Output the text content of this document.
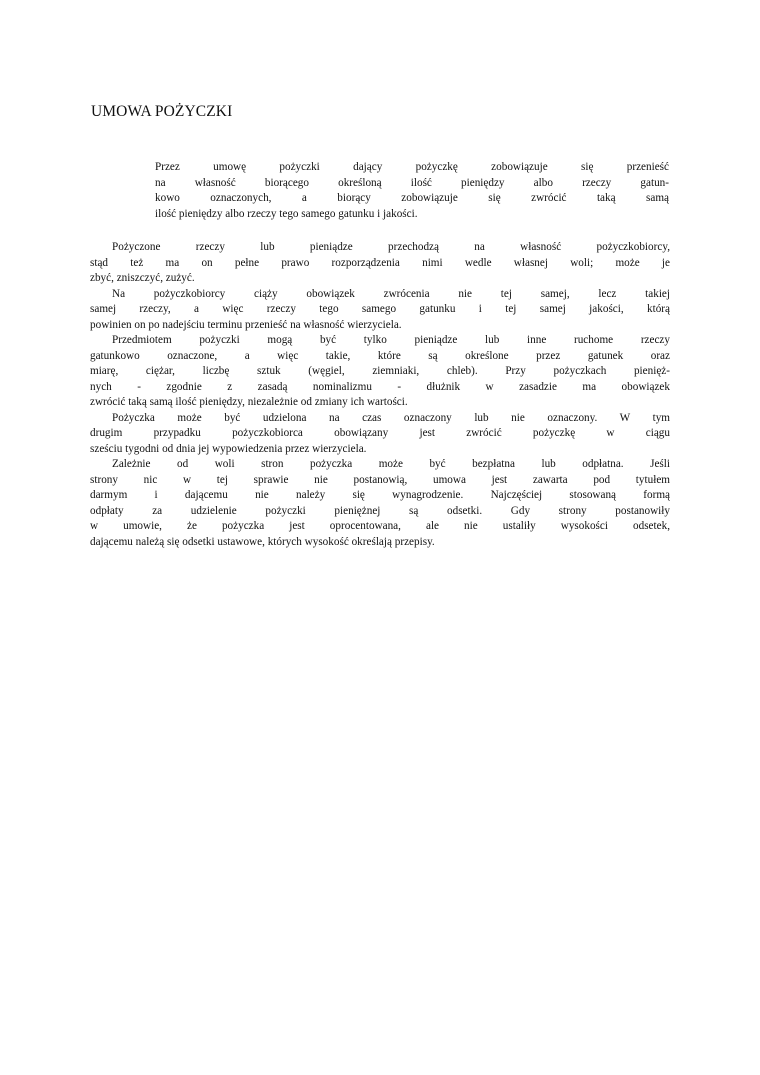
UMOWA POŻYCZKI
Przez umowę pożyczki dający pożyczkę zobowiązuje się przenieść
na własność biorącego określoną ilość pieniędzy albo rzeczy gatun-
kowo oznaczonych, a biorący zobowiązuje się zwrócić taką samą
ilość pieniędzy albo rzeczy tego samego gatunku i jakości.
Pożyczone rzeczy lub pieniądze przechodzą na własność pożyczkobiorcy,
stąd też ma on pełne prawo rozporządzenia nimi wedle własnej woli; może je
zbyć, zniszczyć, zużyć.
Na pożyczkobiorcy ciąży obowiązek zwrócenia nie tej samej, lecz takiej
samej rzeczy, a więc rzeczy tego samego gatunku i tej samej jakości, którą
powinien on po nadejściu terminu przenieść na własność wierzyciela.
Przedmiotem pożyczki mogą być tylko pieniądze lub inne ruchome rzeczy
gatunkowo oznaczone, a więc takie, które są określone przez gatunek oraz
miarę, ciężar, liczbę sztuk (węgiel, ziemniaki, chleb). Przy pożyczkach pienięż-
nych - zgodnie z zasadą nominalizmu - dłużnik w zasadzie ma obowiązek
zwrócić taką samą ilość pieniędzy, niezależnie od zmiany ich wartości.
Pożyczka może być udzielona na czas oznaczony lub nie oznaczony. W tym
drugim przypadku pożyczkobiorca obowiązany jest zwrócić pożyczkę w ciągu
sześciu tygodni od dnia jej wypowiedzenia przez wierzyciela.
Zależnie od woli stron pożyczka może być bezpłatna lub odpłatna. Jeśli
strony nic w tej sprawie nie postanowią, umowa jest zawarta pod tytułem
darmym i dającemu nie należy się wynagrodzenie. Najczęściej stosowaną formą
odpłaty za udzielenie pożyczki pieniężnej są odsetki. Gdy strony postanowiły
w umowie, że pożyczka jest oprocentowana, ale nie ustaliły wysokości odsetek,
dającemu należą się odsetki ustawowe, których wysokość określają przepisy.
